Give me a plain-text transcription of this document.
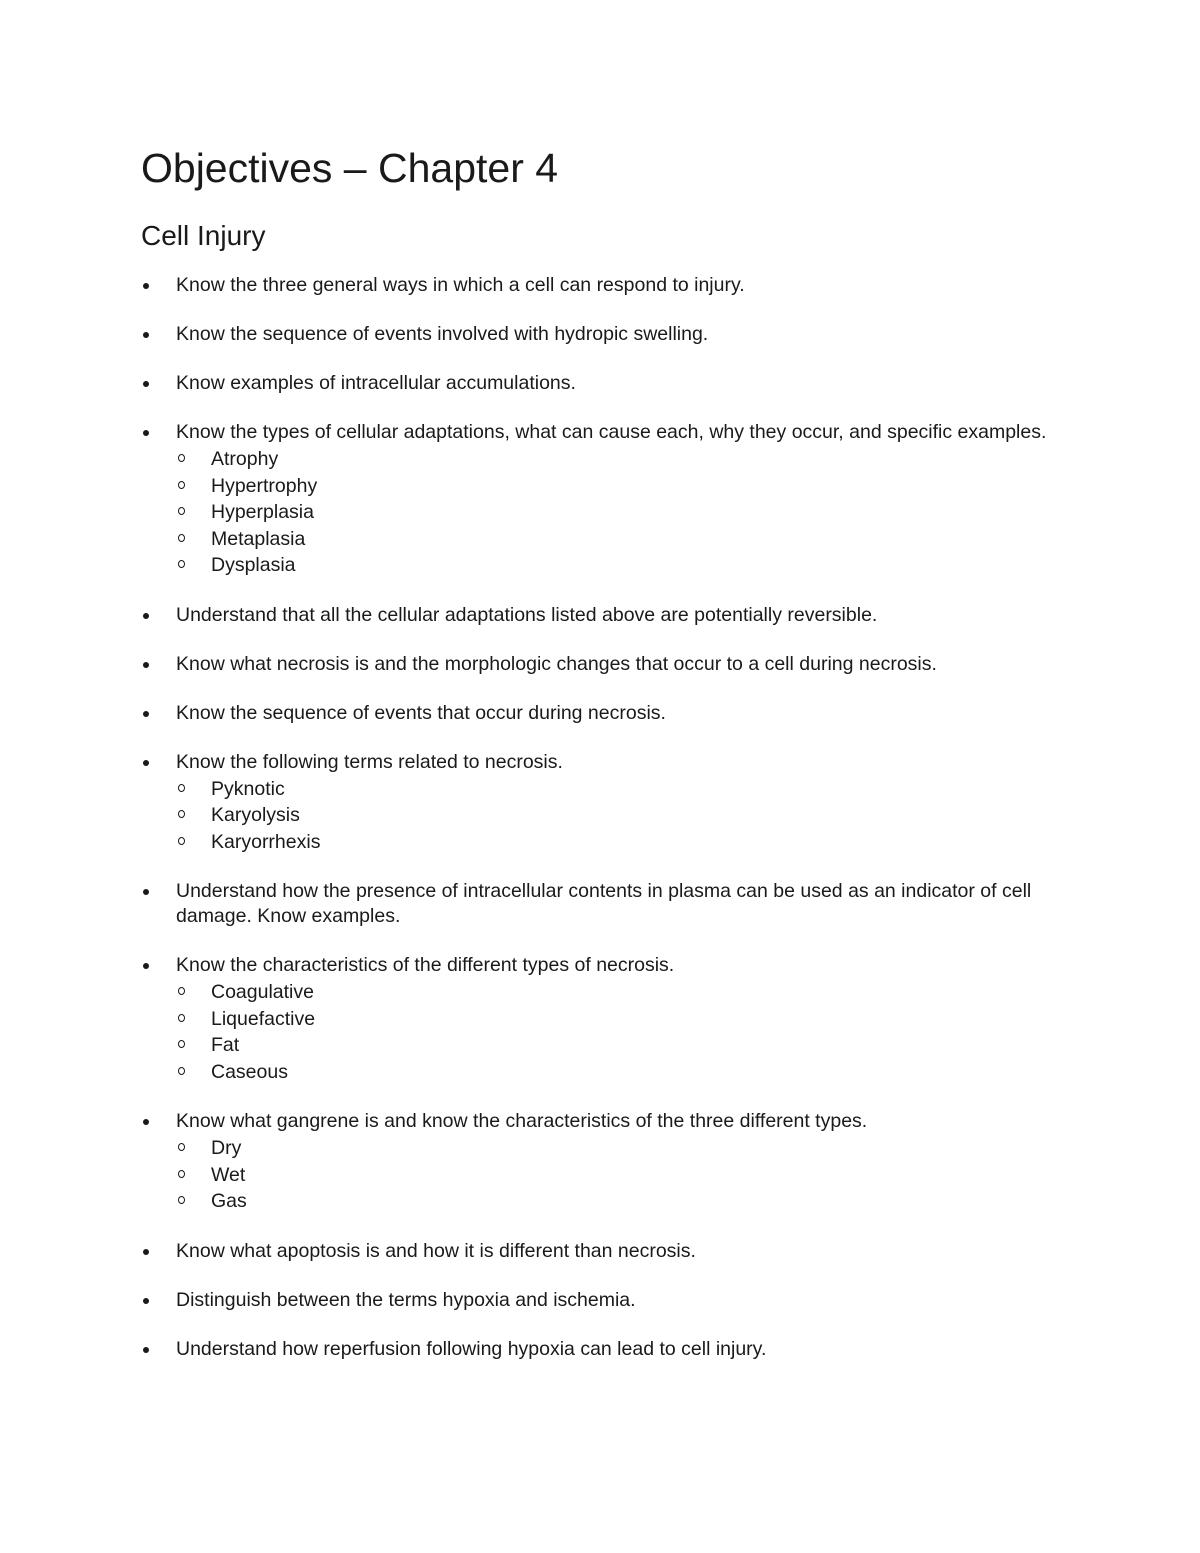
Objectives – Chapter 4
Cell Injury
Know the three general ways in which a cell can respond to injury.
Know the sequence of events involved with hydropic swelling.
Know examples of intracellular accumulations.
Know the types of cellular adaptations, what can cause each, why they occur, and specific examples.
Atrophy
Hypertrophy
Hyperplasia
Metaplasia
Dysplasia
Understand that all the cellular adaptations listed above are potentially reversible.
Know what necrosis is and the morphologic changes that occur to a cell during necrosis.
Know the sequence of events that occur during necrosis.
Know the following terms related to necrosis.
Pyknotic
Karyolysis
Karyorrhexis
Understand how the presence of intracellular contents in plasma can be used as an indicator of cell damage. Know examples.
Know the characteristics of the different types of necrosis.
Coagulative
Liquefactive
Fat
Caseous
Know what gangrene is and know the characteristics of the three different types.
Dry
Wet
Gas
Know what apoptosis is and how it is different than necrosis.
Distinguish between the terms hypoxia and ischemia.
Understand how reperfusion following hypoxia can lead to cell injury.
